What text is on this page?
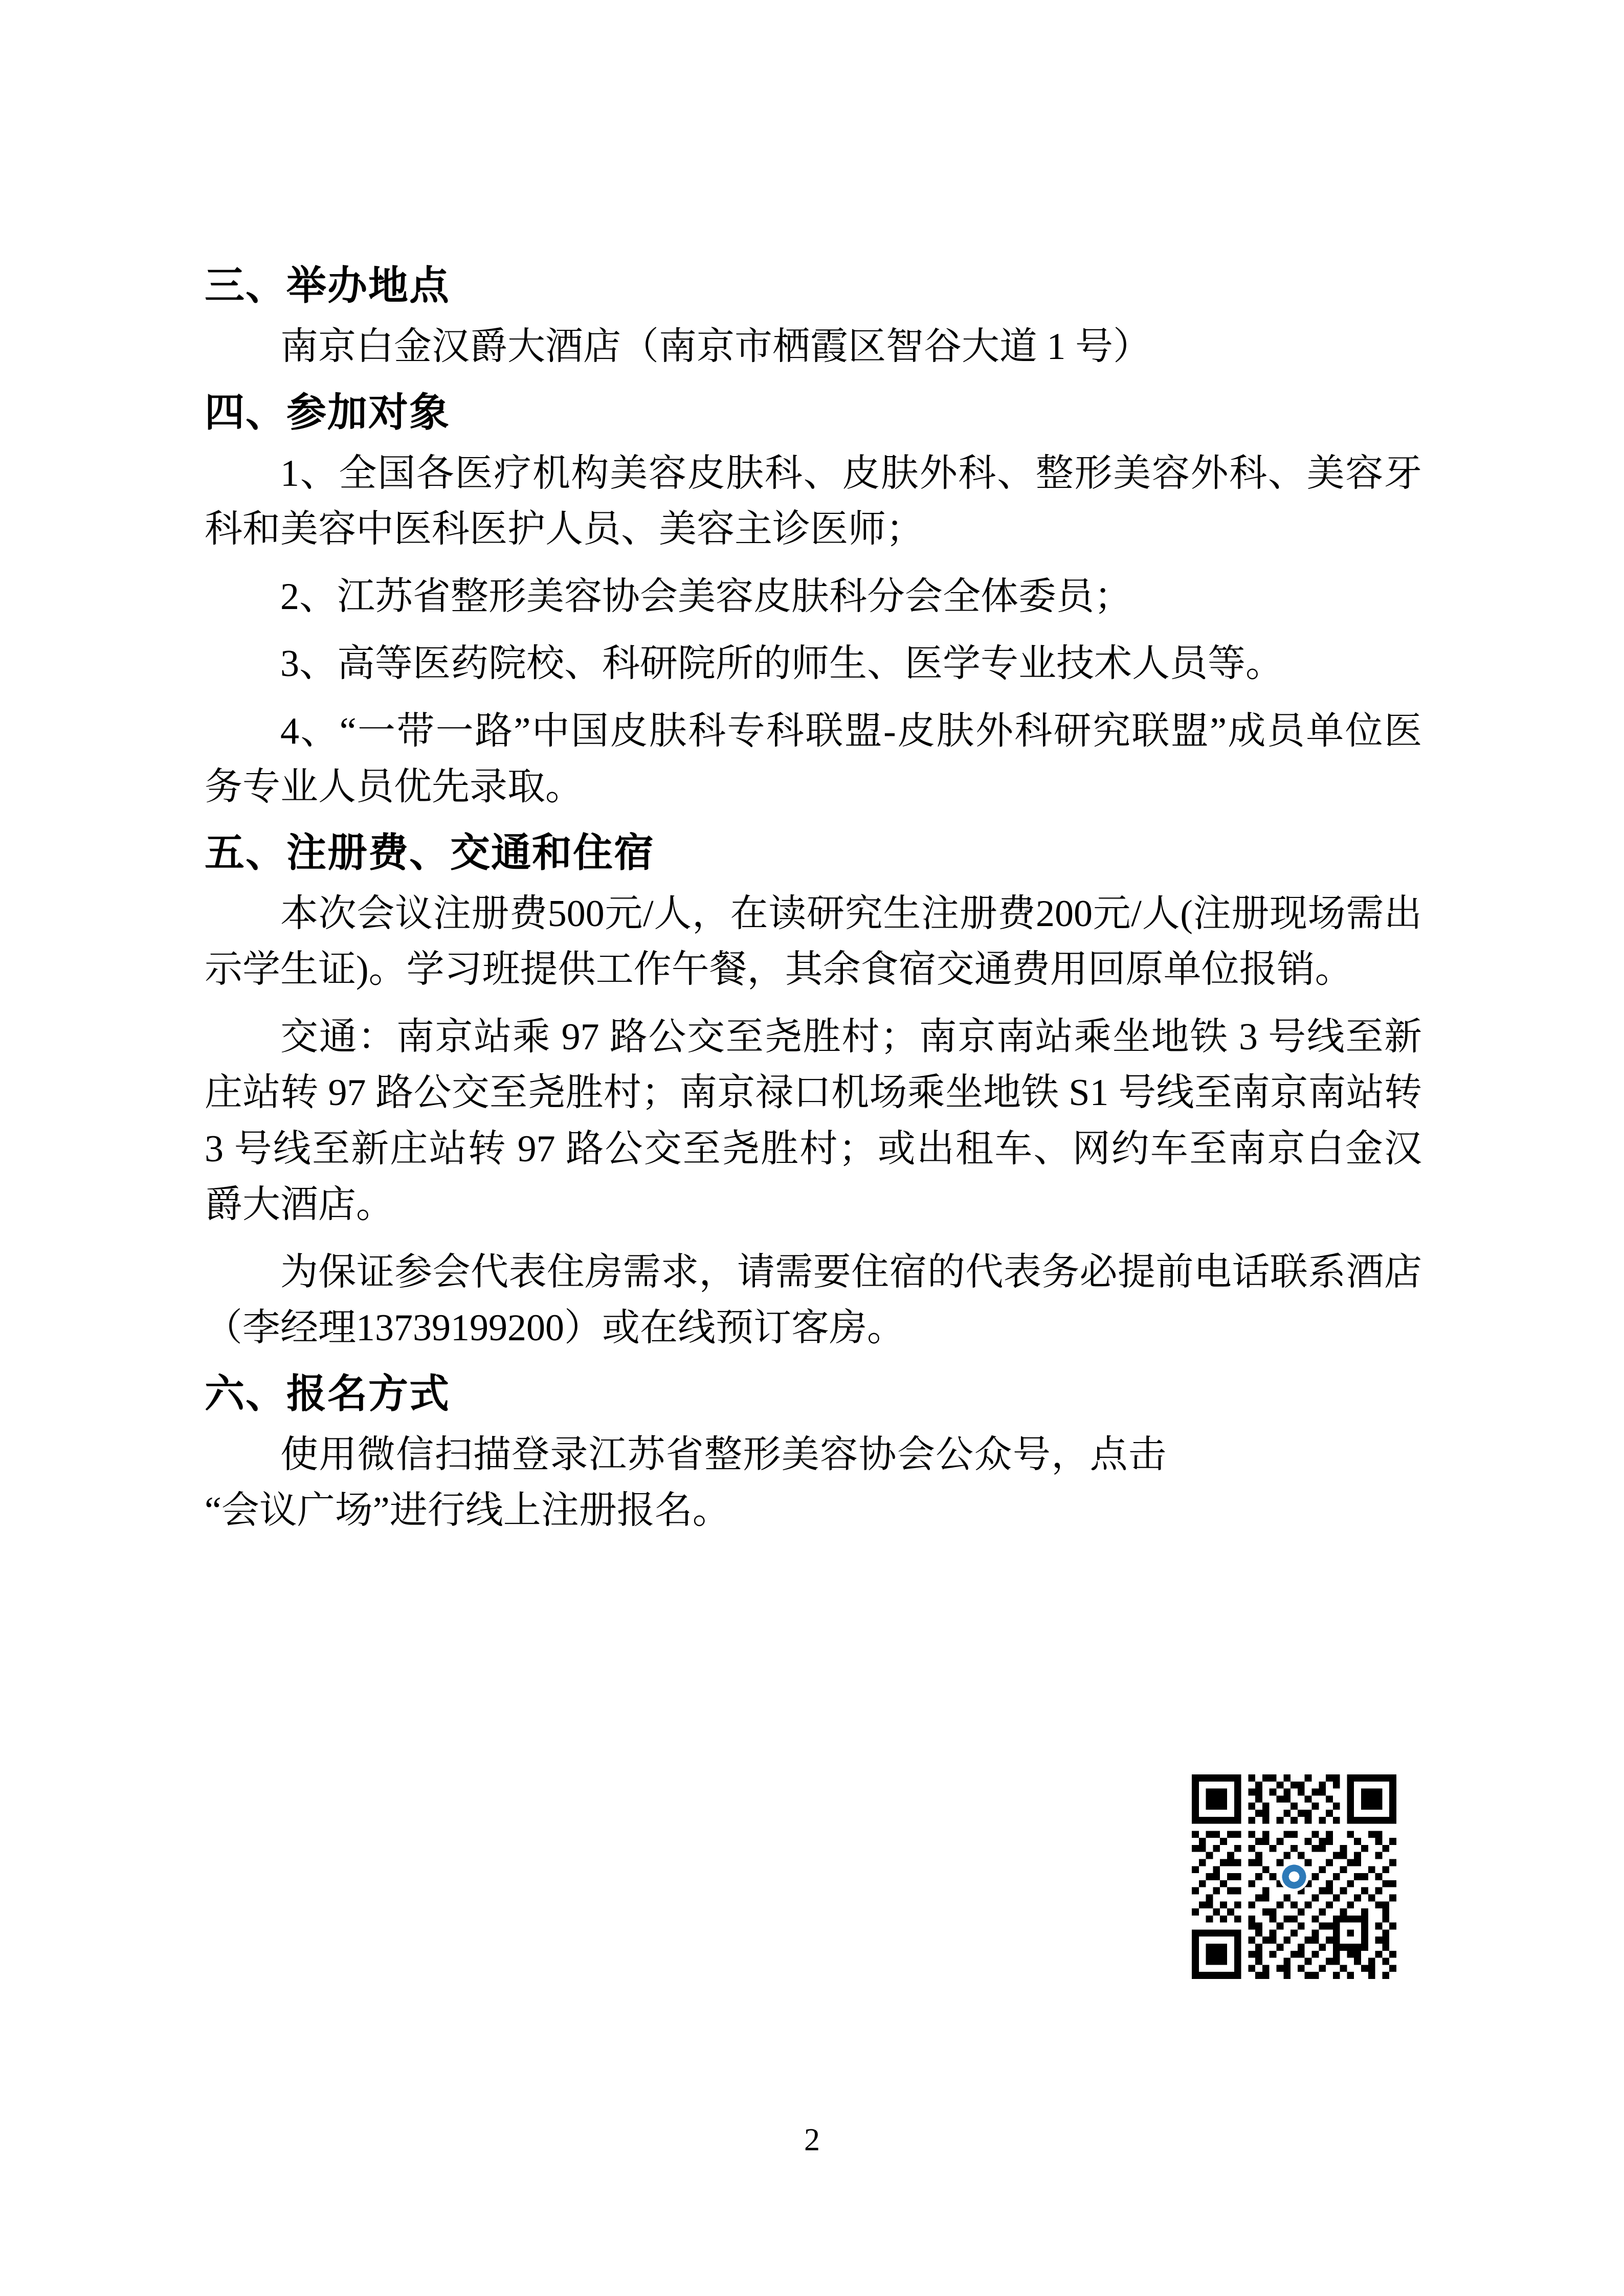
三、举办地点

南京白金汉爵大酒店（南京市栖霞区智谷大道 1 号）

四、参加对象

1、全国各医疗机构美容皮肤科、皮肤外科、整形美容外科、美容牙科和美容中医科医护人员、美容主诊医师；

2、江苏省整形美容协会美容皮肤科分会全体委员；

3、高等医药院校、科研院所的师生、医学专业技术人员等。

4、“一带一路”中国皮肤科专科联盟-皮肤外科研究联盟”成员单位医务专业人员优先录取。

五、注册费、交通和住宿

本次会议注册费500元/人，在读研究生注册费200元/人(注册现场需出示学生证)。学习班提供工作午餐，其余食宿交通费用回原单位报销。

交通：南京站乘 97 路公交至尧胜村；南京南站乘坐地铁 3 号线至新庄站转 97 路公交至尧胜村；南京禄口机场乘坐地铁 S1 号线至南京南站转 3 号线至新庄站转 97 路公交至尧胜村；或出租车、网约车至南京白金汉爵大酒店。

为保证参会代表住房需求，请需要住宿的代表务必提前电话联系酒店（李经理13739199200）或在线预订客房。

六、报名方式

使用微信扫描登录江苏省整形美容协会公众号，点击“会议广场”进行线上注册报名。

2
